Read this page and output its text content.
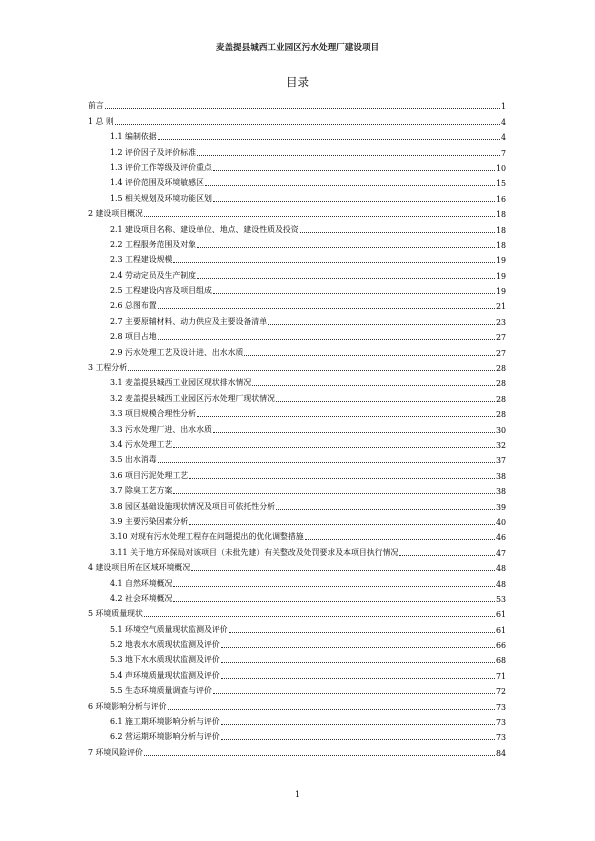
麦盖提县城西工业园区污水处理厂建设项目
目录
前言	1
1 总 则	4
1.1 编制依据	4
1.2 评价因子及评价标准	7
1.3 评价工作等级及评价重点	10
1.4 评价范围及环境敏感区	15
1.5 相关规划及环境功能区划	16
2 建设项目概况	18
2.1 建设项目名称、建设单位、地点、建设性质及投资	18
2.2 工程服务范围及对象	18
2.3 工程建设规模	19
2.4 劳动定员及生产制度	19
2.5 工程建设内容及项目组成	19
2.6 总图布置	21
2.7 主要原辅材料、动力供应及主要设备清单	23
2.8 项目占地	27
2.9 污水处理工艺及设计进、出水水质	27
3 工程分析	28
3.1 麦盖提县城西工业园区现状排水情况	28
3.2 麦盖提县城西工业园区污水处理厂现状情况	28
3.3 项目规模合理性分析	28
3.3 污水处理厂进、出水水质	30
3.4 污水处理工艺	32
3.5 出水消毒	37
3.6 项目污泥处理工艺	38
3.7 除臭工艺方案	38
3.8 园区基础设施现状情况及项目可依托性分析	39
3.9 主要污染因素分析	40
3.10 对现有污水处理工程存在问题提出的优化调整措施	46
3.11 关于地方环保局对该项目（未批先建）有关整改及处罚要求及本项目执行情况	47
4 建设项目所在区域环境概况	48
4.1 自然环境概况	48
4.2 社会环境概况	53
5 环境质量现状	61
5.1 环境空气质量现状监测及评价	61
5.2 地表水水质现状监测及评价	66
5.3 地下水水质现状监测及评价	68
5.4 声环境质量现状监测及评价	71
5.5 生态环境质量调查与评价	72
6 环境影响分析与评价	73
6.1 施工期环境影响分析与评价	73
6.2 营运期环境影响分析与评价	73
7 环境风险评价	84
1
